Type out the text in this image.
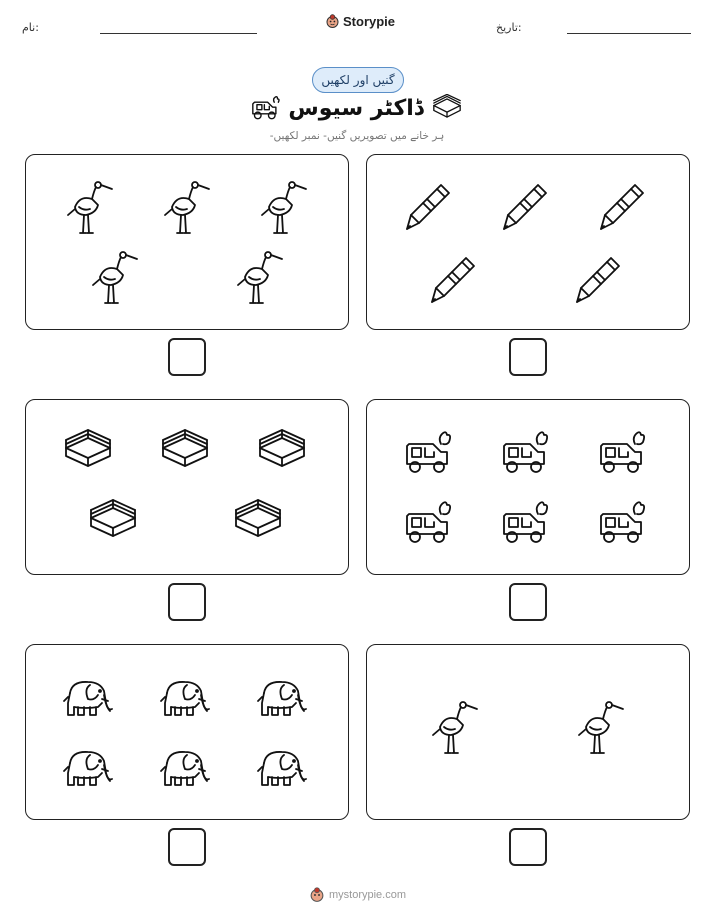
نام:	Storypie	تاریخ:
گنیں اور لکھیں
ڈاکٹر سیوس
ہر خانے میں تصویریں گنیں- نمبر لکھیں-
mystorypie.com
